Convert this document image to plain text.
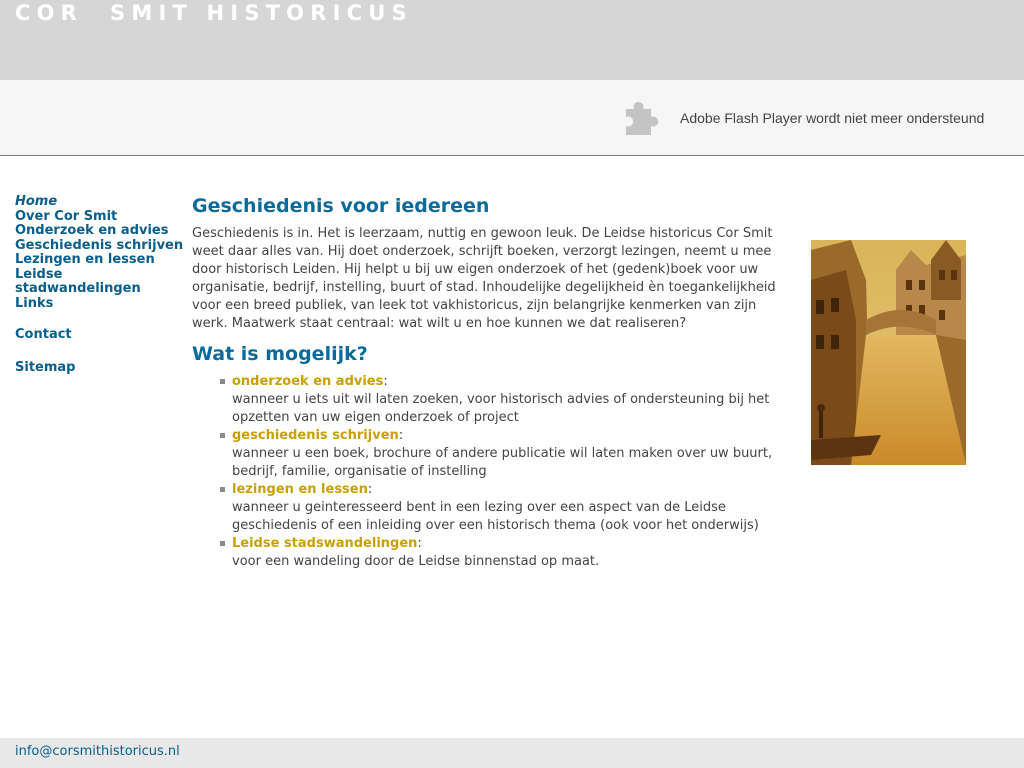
COR  SMIT HISTORICUS
Adobe Flash Player wordt niet meer ondersteund
Home
Over Cor Smit
Onderzoek en advies
Geschiedenis schrijven
Lezingen en lessen
Leidse stadwandelingen
Links
Contact
Sitemap
Geschiedenis voor iedereen

Geschiedenis is in. Het is leerzaam, nuttig en gewoon leuk. De Leidse historicus Cor Smit weet daar alles van. Hij doet onderzoek, schrijft boeken, verzorgt lezingen, neemt u mee door historisch Leiden. Hij helpt u bij uw eigen onderzoek of het (gedenk)boek voor uw organisatie, bedrijf, instelling, buurt of stad. Inhoudelijke degelijkheid èn toegankelijkheid voor een breed publiek, van leek tot vakhistoricus, zijn belangrijke kenmerken van zijn werk. Maatwerk staat centraal: wat wilt u en hoe kunnen we dat realiseren?

Wat is mogelijk?
onderzoek en advies:
wanneer u iets uit wil laten zoeken, voor historisch advies of ondersteuning bij het opzetten van uw eigen onderzoek of project
geschiedenis schrijven:
wanneer u een boek, brochure of andere publicatie wil laten maken over uw buurt, bedrijf, familie, organisatie of instelling
lezingen en lessen:
wanneer u geinteresseerd bent in een lezing over een aspect van de Leidse geschiedenis of een inleiding over een historisch thema (ook voor het onderwijs)
Leidse stadswandelingen:
voor een wandeling door de Leidse binnenstad op maat.
info@corsmithistoricus.nl
